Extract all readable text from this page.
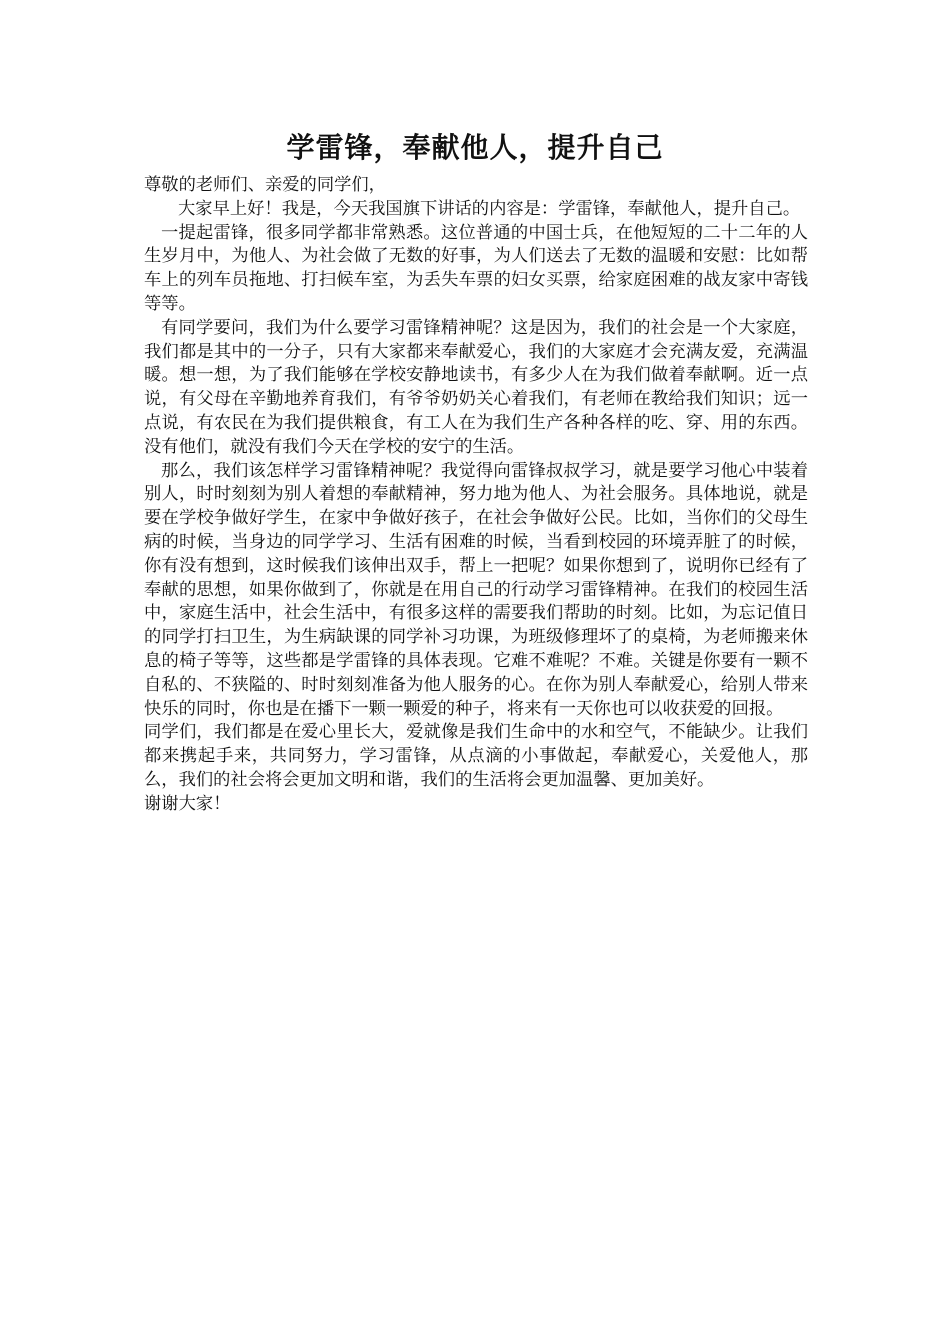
学雷锋，奉献他人，提升自己

尊敬的老师们、亲爱的同学们，

大家早上好！我是，今天我国旗下讲话的内容是：学雷锋，奉献他人，提升自己。

一提起雷锋，很多同学都非常熟悉。这位普通的中国士兵，在他短短的二十二年的人生岁月中，为他人、为社会做了无数的好事，为人们送去了无数的温暖和安慰：比如帮车上的列车员拖地、打扫候车室，为丢失车票的妇女买票，给家庭困难的战友家中寄钱等等。

有同学要问，我们为什么要学习雷锋精神呢？这是因为，我们的社会是一个大家庭，我们都是其中的一分子，只有大家都来奉献爱心，我们的大家庭才会充满友爱，充满温暖。想一想，为了我们能够在学校安静地读书，有多少人在为我们做着奉献啊。近一点说，有父母在辛勤地养育我们，有爷爷奶奶关心着我们，有老师在教给我们知识；远一点说，有农民在为我们提供粮食，有工人在为我们生产各种各样的吃、穿、用的东西。没有他们，就没有我们今天在学校的安宁的生活。

那么，我们该怎样学习雷锋精神呢？我觉得向雷锋叔叔学习，就是要学习他心中装着别人，时时刻刻为别人着想的奉献精神，努力地为他人、为社会服务。具体地说，就是要在学校争做好学生，在家中争做好孩子，在社会争做好公民。比如，当你们的父母生病的时候，当身边的同学学习、生活有困难的时候，当看到校园的环境弄脏了的时候，你有没有想到，这时候我们该伸出双手，帮上一把呢？如果你想到了，说明你已经有了奉献的思想，如果你做到了，你就是在用自己的行动学习雷锋精神。在我们的校园生活中，家庭生活中，社会生活中，有很多这样的需要我们帮助的时刻。比如，为忘记值日的同学打扫卫生，为生病缺课的同学补习功课，为班级修理坏了的桌椅，为老师搬来休息的椅子等等，这些都是学雷锋的具体表现。它难不难呢？不难。关键是你要有一颗不自私的、不狭隘的、时时刻刻准备为他人服务的心。在你为别人奉献爱心，给别人带来快乐的同时，你也是在播下一颗一颗爱的种子，将来有一天你也可以收获爱的回报。

同学们，我们都是在爱心里长大，爱就像是我们生命中的水和空气，不能缺少。让我们都来携起手来，共同努力，学习雷锋，从点滴的小事做起，奉献爱心，关爱他人，那么，我们的社会将会更加文明和谐，我们的生活将会更加温馨、更加美好。

谢谢大家！
